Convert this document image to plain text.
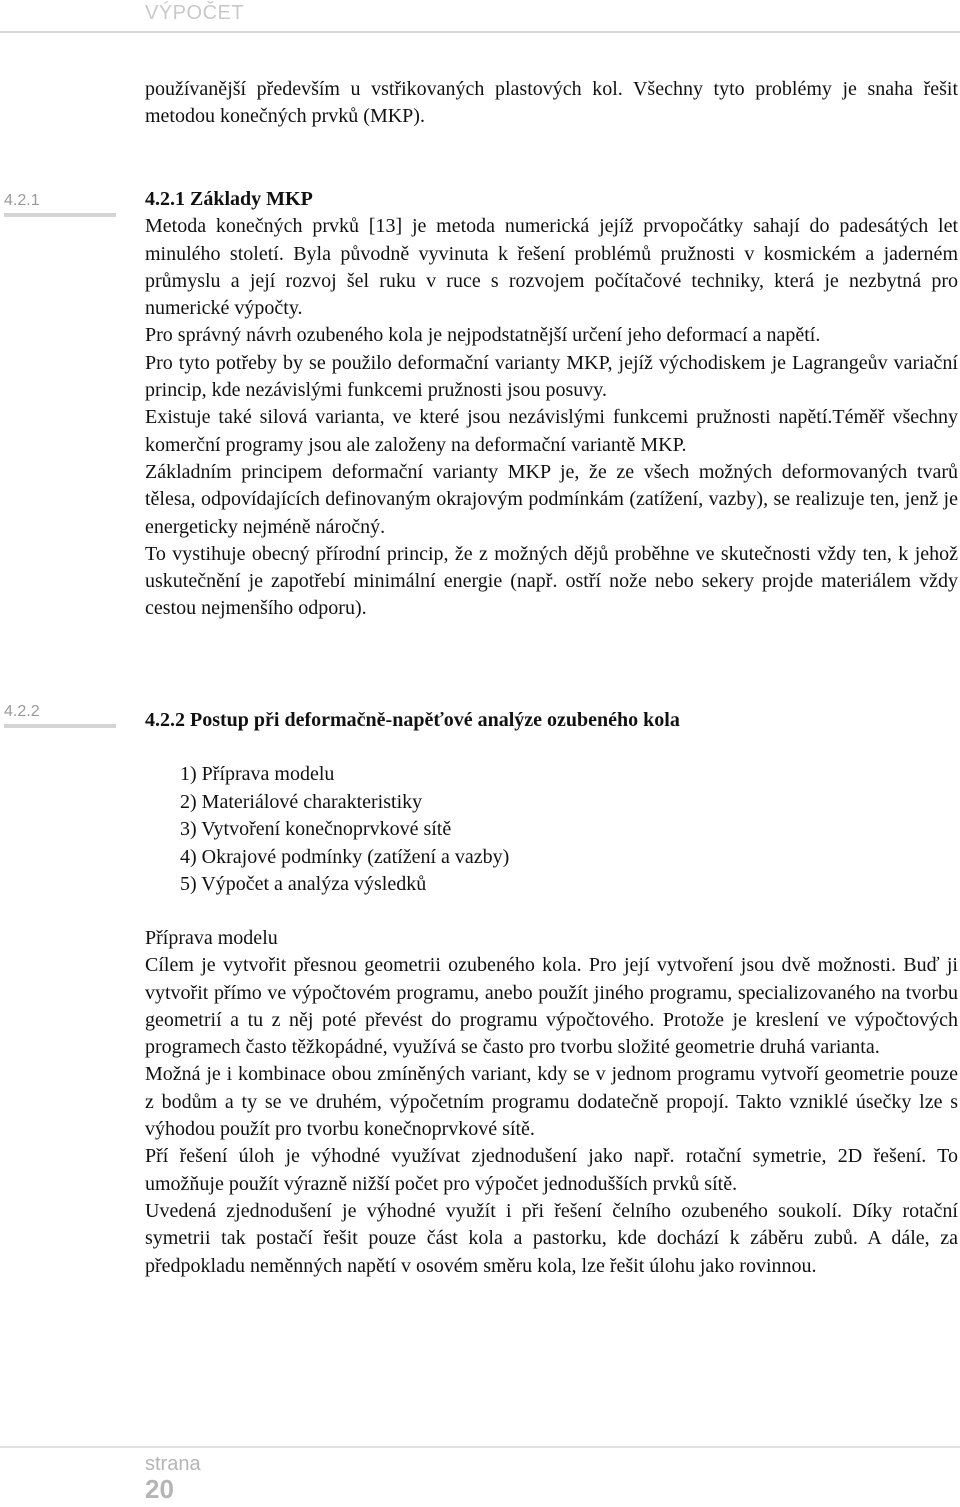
VÝPOČET

používanější především u vstřikovaných plastových kol. Všechny tyto problémy je snaha řešit metodou konečných prvků (MKP).

4.2.1	4.2.1 Základy MKP

Metoda konečných prvků [13] je metoda numerická jejíž prvopočátky sahají do padesátých let minulého století. Byla původně vyvinuta k řešení problémů pružnosti v kosmickém a jaderném průmyslu a její rozvoj šel ruku v ruce s rozvojem počítačové techniky, která je nezbytná pro numerické výpočty.

Pro správný návrh ozubeného kola je nejpodstatnější určení jeho deformací a napětí.

Pro tyto potřeby by se použilo deformační varianty MKP, jejíž východiskem je Lagrangeův variační princip, kde nezávislými funkcemi pružnosti jsou posuvy.

Existuje také silová varianta, ve které jsou nezávislými funkcemi pružnosti napětí.Téměř všechny komerční programy jsou ale založeny na deformační variantě MKP.

Základním principem deformační varianty MKP je, že ze všech možných deformovaných tvarů tělesa, odpovídajících definovaným okrajovým podmínkám (zatížení, vazby), se realizuje ten, jenž je energeticky nejméně náročný.

To vystihuje obecný přírodní princip, že z možných dějů proběhne ve skutečnosti vždy ten, k jehož uskutečnění je zapotřebí minimální energie (např. ostří nože nebo sekery projde materiálem vždy cestou nejmenšího odporu).

4.2.2	4.2.2 Postup při deformačně-napěťové analýze ozubeného kola
1) Příprava modelu
2) Materiálové charakteristiky
3) Vytvoření konečnoprvkové sítě
4) Okrajové podmínky (zatížení a vazby)
5) Výpočet a analýza výsledků

Příprava modelu

Cílem je vytvořit přesnou geometrii ozubeného kola. Pro její vytvoření jsou dvě možnosti. Buď ji vytvořit přímo ve výpočtovém programu, anebo použít jiného programu, specializovaného na tvorbu geometrií a tu z něj poté převést do programu výpočtového. Protože je kreslení ve výpočtových programech často těžkopádné, využívá se často pro tvorbu složité geometrie druhá varianta.

Možná je i kombinace obou zmíněných variant, kdy se v jednom programu vytvoří geometrie pouze z bodům a ty se ve druhém, výpočetním programu dodatečně propojí. Takto vzniklé úsečky lze s výhodou použít pro tvorbu konečnoprvkové sítě.

Pří řešení úloh je výhodné využívat zjednodušení jako např. rotační symetrie, 2D řešení. To umožňuje použít výrazně nižší počet pro výpočet jednodušších prvků sítě.

Uvedená zjednodušení je výhodné využít i při řešení čelního ozubeného soukolí. Díky rotační symetrii tak postačí řešit pouze část kola a pastorku, kde dochází k záběru zubů. A dále, za předpokladu neměnných napětí v osovém směru kola, lze řešit úlohu jako rovinnou.

strana
20
